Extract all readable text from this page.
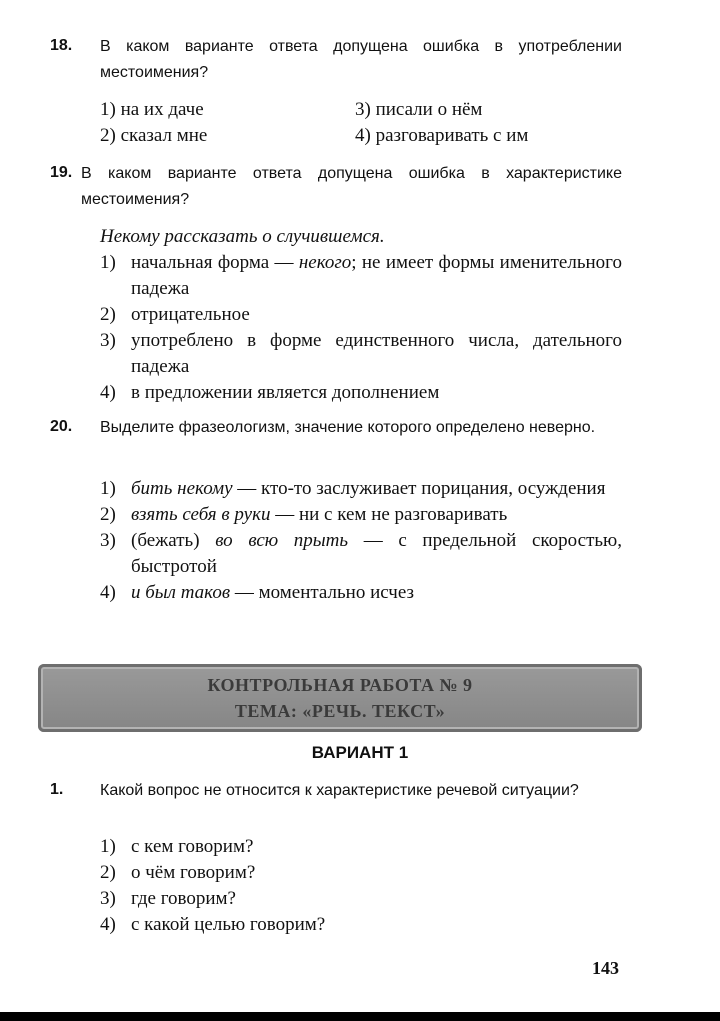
18. В каком варианте ответа допущена ошибка в употреблении местоимения?
1) на их даче
2) сказал мне
3) писали о нём
4) разговаривать с им
19. В каком варианте ответа допущена ошибка в характеристике местоимения?
Некому рассказать о случившемся.
1) начальная форма — некого; не имеет формы именительного падежа
2) отрицательное
3) употреблено в форме единственного числа, дательного падежа
4) в предложении является дополнением
20. Выделите фразеологизм, значение которого определено неверно.
1) бить некому — кто-то заслуживает порицания, осуждения
2) взять себя в руки — ни с кем не разговаривать
3) (бежать) во всю прыть — с предельной скоростью, быстротой
4) и был таков — моментально исчез
КОНТРОЛЬНАЯ РАБОТА № 9
ТЕМА: «РЕЧЬ. ТЕКСТ»
ВАРИАНТ 1
1. Какой вопрос не относится к характеристике речевой ситуации?
1) с кем говорим?
2) о чём говорим?
3) где говорим?
4) с какой целью говорим?
143
